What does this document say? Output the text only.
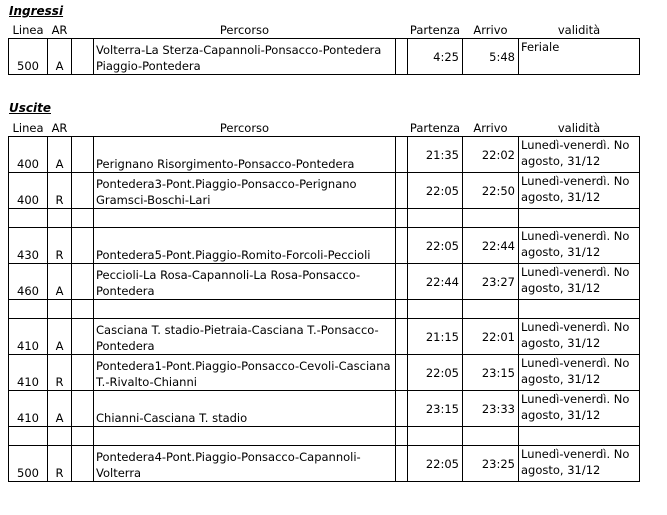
Ingressi
Linea	AR		Percorso		Partenza	Arrivo	validità
500	A		Volterra-La Sterza-Capannoli-Ponsacco-Pontedera Piaggio-Pontedera		4:25	5:48	Feriale
Uscite
Linea	AR		Percorso		Partenza	Arrivo	validità
400	A		Perignano Risorgimento-Ponsacco-Pontedera		21:35	22:02	Lunedì-venerdì. No agosto, 31/12
400	R		Pontedera3-Pont.Piaggio-Ponsacco-Perignano Gramsci-Boschi-Lari		22:05	22:50	Lunedì-venerdì. No agosto, 31/12

430	R		Pontedera5-Pont.Piaggio-Romito-Forcoli-Peccioli		22:05	22:44	Lunedì-venerdì. No agosto, 31/12
460	A		Peccioli-La Rosa-Capannoli-La Rosa-Ponsacco-Pontedera		22:44	23:27	Lunedì-venerdì. No agosto, 31/12

410	A		Casciana T. stadio-Pietraia-Casciana T.-Ponsacco-Pontedera		21:15	22:01	Lunedì-venerdì. No agosto, 31/12
410	R		Pontedera1-Pont.Piaggio-Ponsacco-Cevoli-Casciana T.-Rivalto-Chianni		22:05	23:15	Lunedì-venerdì. No agosto, 31/12
410	A		Chianni-Casciana T. stadio		23:15	23:33	Lunedì-venerdì. No agosto, 31/12

500	R		Pontedera4-Pont.Piaggio-Ponsacco-Capannoli-Volterra		22:05	23:25	Lunedì-venerdì. No agosto, 31/12
